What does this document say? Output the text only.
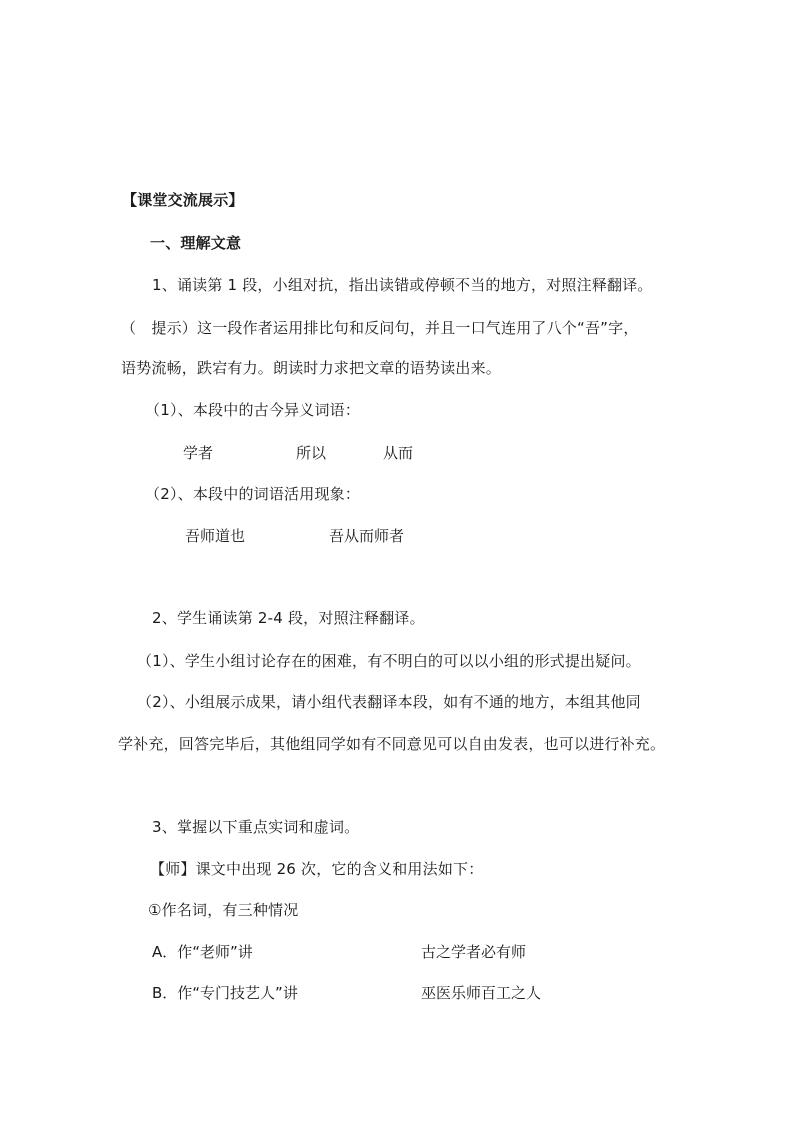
【课堂交流展示】
一、理解文意
1、诵读第 1 段，小组对抗，指出读错或停顿不当的地方，对照注释翻译。
（　提示）这一段作者运用排比句和反问句，并且一口气连用了八个“吾”字，
语势流畅，跌宕有力。朗读时力求把文章的语势读出来。
（1）、本段中的古今异义词语：
学者	所以	从而
（2）、本段中的词语活用现象：
吾师道也	吾从而师者
2、学生诵读第 2-4 段，对照注释翻译。
（1）、学生小组讨论存在的困难，有不明白的可以以小组的形式提出疑问。
（2）、小组展示成果，请小组代表翻译本段，如有不通的地方，本组其他同
学补充，回答完毕后，其他组同学如有不同意见可以自由发表，也可以进行补充。
3、掌握以下重点实词和虚词。
【师】课文中出现 26 次，它的含义和用法如下：
①作名词，有三种情况
A．作“老师”讲	古之学者必有师
B．作“专门技艺人”讲	巫医乐师百工之人
